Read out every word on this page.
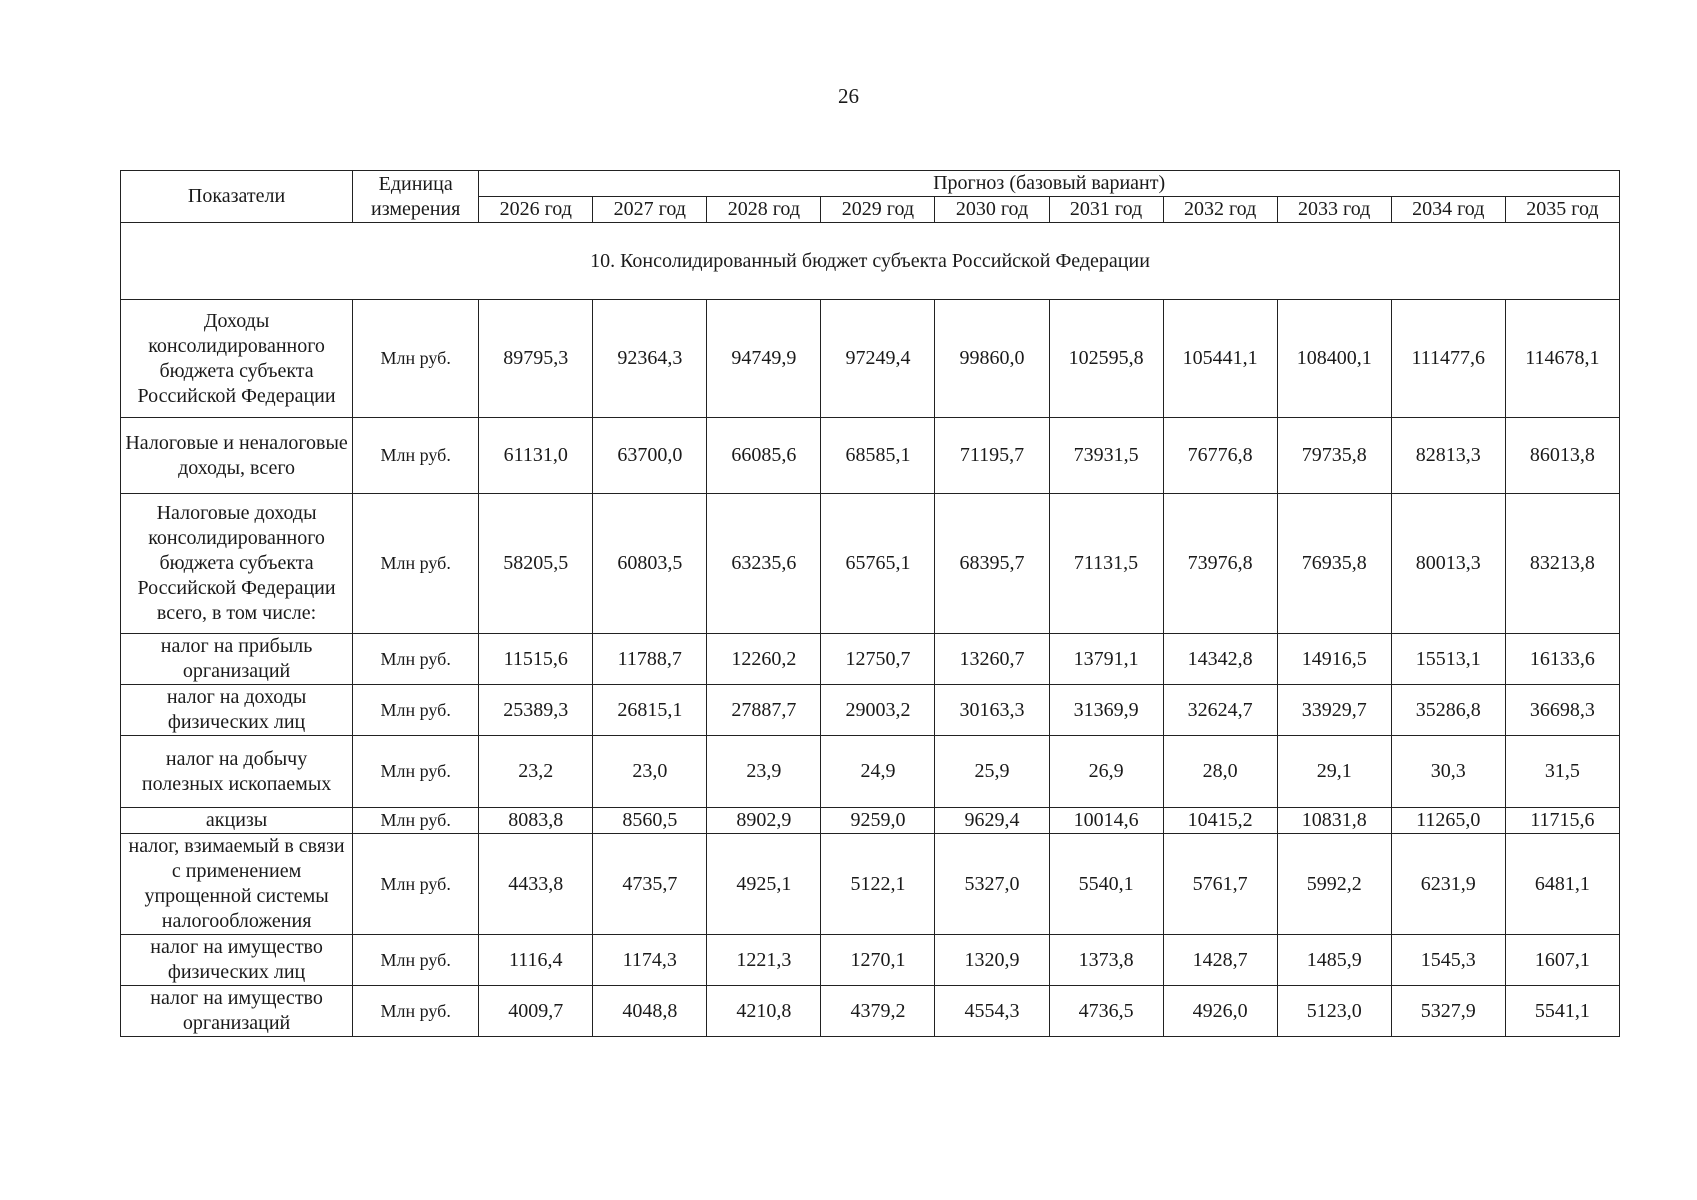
26
Показатели	Единица измерения	Прогноз (базовый вариант)									
		2026 год	2027 год	2028 год	2029 год	2030 год	2031 год	2032 год	2033 год	2034 год	2035 год
10. Консолидированный бюджет субъекта Российской Федерации											
Доходы консолидированного бюджета субъекта Российской Федерации	Млн руб.	89795,3	92364,3	94749,9	97249,4	99860,0	102595,8	105441,1	108400,1	111477,6	114678,1
Налоговые и неналоговые доходы, всего	Млн руб.	61131,0	63700,0	66085,6	68585,1	71195,7	73931,5	76776,8	79735,8	82813,3	86013,8
Налоговые доходы консолидированного бюджета субъекта Российской Федерации всего, в том числе:	Млн руб.	58205,5	60803,5	63235,6	65765,1	68395,7	71131,5	73976,8	76935,8	80013,3	83213,8
налог на прибыль организаций	Млн руб.	11515,6	11788,7	12260,2	12750,7	13260,7	13791,1	14342,8	14916,5	15513,1	16133,6
налог на доходы физических лиц	Млн руб.	25389,3	26815,1	27887,7	29003,2	30163,3	31369,9	32624,7	33929,7	35286,8	36698,3
налог на добычу полезных ископаемых	Млн руб.	23,2	23,0	23,9	24,9	25,9	26,9	28,0	29,1	30,3	31,5
акцизы	Млн руб.	8083,8	8560,5	8902,9	9259,0	9629,4	10014,6	10415,2	10831,8	11265,0	11715,6
налог, взимаемый в связи с применением упрощенной системы налогообложения	Млн руб.	4433,8	4735,7	4925,1	5122,1	5327,0	5540,1	5761,7	5992,2	6231,9	6481,1
налог на имущество физических лиц	Млн руб.	1116,4	1174,3	1221,3	1270,1	1320,9	1373,8	1428,7	1485,9	1545,3	1607,1
налог на имущество организаций	Млн руб.	4009,7	4048,8	4210,8	4379,2	4554,3	4736,5	4926,0	5123,0	5327,9	5541,1
